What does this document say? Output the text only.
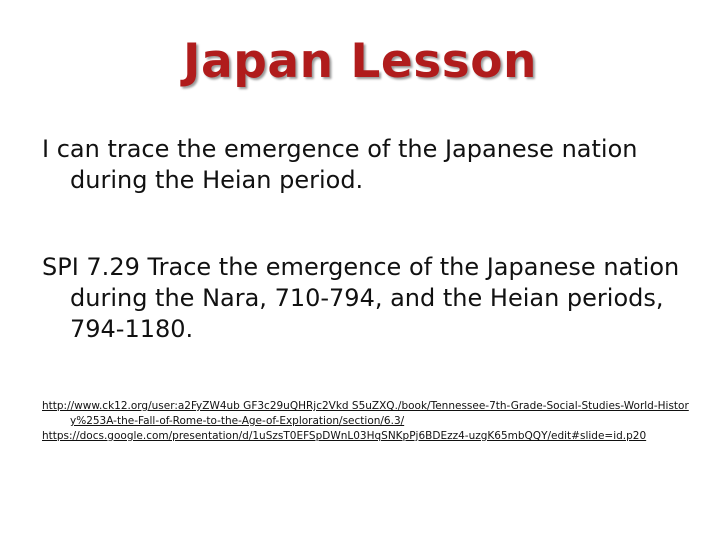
Japan Lesson
I can trace the emergence of the Japanese nation during the Heian period.
SPI 7.29 Trace the emergence of the Japanese nation during the Nara, 710-794, and the Heian periods, 794-1180.
http://www.ck12.org/user:a2FyZW4ub GF3c29uQHRjc2Vkd S5uZXQ./book/Tennessee-7th-Grade-Social-Studies-World-History%253A-the-Fall-of-Rome-to-the-Age-of-Exploration/section/6.3/
https://docs.google.com/presentation/d/1uSzsT0EFSpDWnL03HqSNKpPj6BDEzz4-uzgK65mbQQY/edit#slide=id.p20
